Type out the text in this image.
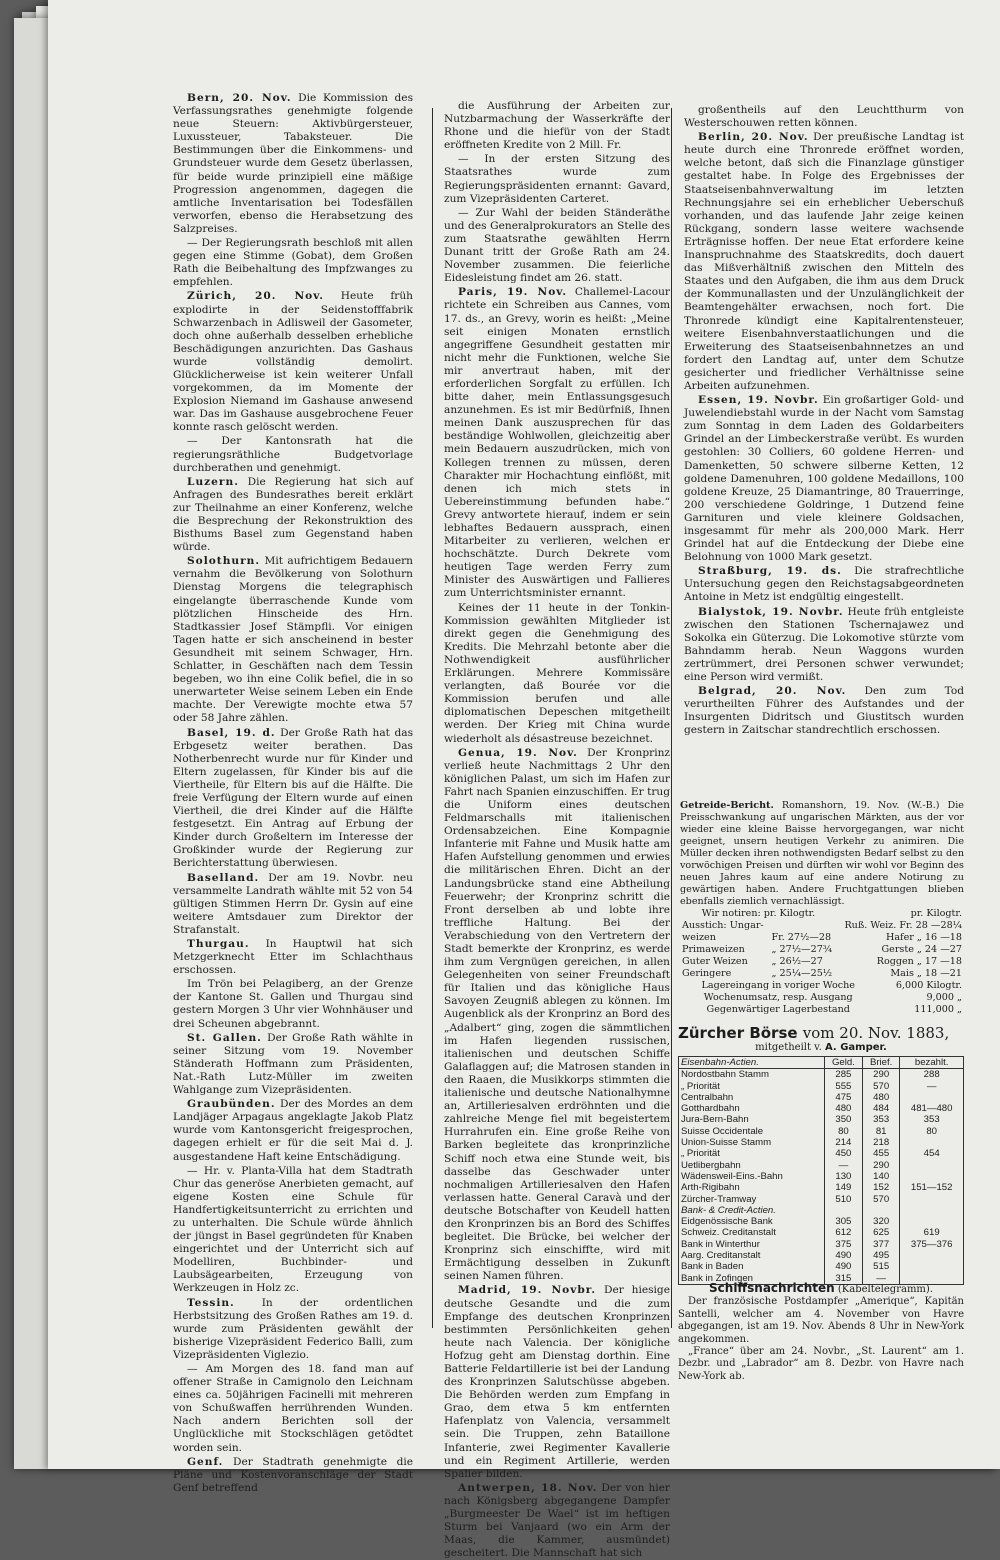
Bern, 20. Nov. Die Kommission des Verfassungsrathes genehmigte folgende neue Steuern: Aktivbürgersteuer, Luxussteuer, Tabaksteuer. Die Bestimmungen über die Einkommens- und Grundsteuer wurde dem Gesetz überlassen, für beide wurde prinzipiell eine mäßige Progression angenommen, dagegen die amtliche Inventarisation bei Todesfällen verworfen, ebenso die Herabsetzung des Salzpreises.

— Der Regierungsrath beschloß mit allen gegen eine Stimme (Gobat), dem Großen Rath die Beibehaltung des Impfzwanges zu empfehlen.

Zürich, 20. Nov. Heute früh explodirte in der Seidenstofffabrik Schwarzenbach in Adlisweil der Gasometer, doch ohne außerhalb desselben erhebliche Beschädigungen anzurichten. Das Gashaus wurde vollständig demolirt. Glücklicherweise ist kein weiterer Unfall vorgekommen, da im Momente der Explosion Niemand im Gashause anwesend war. Das im Gashause ausgebrochene Feuer konnte rasch gelöscht werden.

— Der Kantonsrath hat die regierungsräthliche Budgetvorlage durchberathen und genehmigt.

Luzern. Die Regierung hat sich auf Anfragen des Bundesrathes bereit erklärt zur Theilnahme an einer Konferenz, welche die Besprechung der Rekonstruktion des Bisthums Basel zum Gegenstand haben würde.

Solothurn. Mit aufrichtigem Bedauern vernahm die Bevölkerung von Solothurn Dienstag Morgens die telegraphisch eingelangte überraschende Kunde vom plötzlichen Hinscheide des Hrn. Stadtkassier Josef Stämpfli. Vor einigen Tagen hatte er sich anscheinend in bester Gesundheit mit seinem Schwager, Hrn. Schlatter, in Geschäften nach dem Tessin begeben, wo ihn eine Colik befiel, die in so unerwarteter Weise seinem Leben ein Ende machte. Der Verewigte mochte etwa 57 oder 58 Jahre zählen.

Basel, 19. d. Der Große Rath hat das Erbgesetz weiter berathen. Das Notherbenrecht wurde nur für Kinder und Eltern zugelassen, für Kinder bis auf die Viertheile, für Eltern bis auf die Hälfte. Die freie Verfügung der Eltern wurde auf einen Viertheil, die drei Kinder auf die Hälfte festgesetzt. Ein Antrag auf Erbung der Kinder durch Großeltern im Interesse der Großkinder wurde der Regierung zur Berichterstattung überwiesen.

Baselland. Der am 19. Novbr. neu versammelte Landrath wählte mit 52 von 54 gültigen Stimmen Herrn Dr. Gysin auf eine weitere Amtsdauer zum Direktor der Strafanstalt.

Thurgau. In Hauptwil hat sich Metzgerknecht Etter im Schlachthaus erschossen.

Im Trön bei Pelagiberg, an der Grenze der Kantone St. Gallen und Thurgau sind gestern Morgen 3 Uhr vier Wohnhäuser und drei Scheunen abgebrannt.

St. Gallen. Der Große Rath wählte in seiner Sitzung vom 19. November Ständerath Hoffmann zum Präsidenten, Nat.-Rath Lutz-Müller im zweiten Wahlgange zum Vizepräsidenten.

Graubünden. Der des Mordes an dem Landjäger Arpagaus angeklagte Jakob Platz wurde vom Kantonsgericht freigesprochen, dagegen erhielt er für die seit Mai d. J. ausgestandene Haft keine Entschädigung.

— Hr. v. Planta-Villa hat dem Stadtrath Chur das generöse Anerbieten gemacht, auf eigene Kosten eine Schule für Handfertigkeitsunterricht zu errichten und zu unterhalten. Die Schule würde ähnlich der jüngst in Basel gegründeten für Knaben eingerichtet und der Unterricht sich auf Modelliren, Buchbinder- und Laubsägearbeiten, Erzeugung von Werkzeugen in Holz zc.

Tessin.	In der ordentlichen Herbstsitzung des Großen Rathes am 19. d. wurde zum Präsidenten gewählt der bisherige Vizepräsident Federico Balli, zum Vizepräsidenten Viglezio.

— Am Morgen des 18. fand man auf offener Straße in Camignolo den Leichnam eines ca. 50jährigen Facinelli mit mehreren von Schußwaffen herrührenden Wunden. Nach andern Berichten soll der Unglückliche mit Stockschlägen getödtet worden sein.

Genf. Der Stadtrath genehmigte die Pläne und Kostenvoranschläge der Stadt Genf betreffend

die Ausführung der Arbeiten zur Nutzbarmachung der Wasserkräfte der Rhone und die hiefür von der Stadt eröffneten Kredite von 2 Mill. Fr.

— In der ersten Sitzung des Staatsrathes wurde zum Regierungspräsidenten ernannt: Gavard, zum Vizepräsidenten Carteret.

— Zur Wahl der beiden Ständeräthe und des Generalprokurators an Stelle des zum Staatsrathe gewählten Herrn Dunant tritt der Große Rath am 24. November zusammen. Die feierliche Eidesleistung findet am 26. statt.

Paris, 19. Nov. Challemel-Lacour richtete ein Schreiben aus Cannes, vom 17. ds., an Grevy, worin es heißt: „Meine seit einigen Monaten ernstlich angegriffene Gesundheit gestatten mir nicht mehr die Funktionen, welche Sie mir anvertraut haben, mit der erforderlichen Sorgfalt zu erfüllen. Ich bitte daher, mein Entlassungsgesuch anzunehmen. Es ist mir Bedürfniß, Ihnen meinen Dank auszusprechen für das beständige Wohlwollen, gleichzeitig aber mein Bedauern auszudrücken, mich von Kollegen trennen zu müssen, deren Charakter mir Hochachtung einflößt, mit denen ich mich stets in Uebereinstimmung befunden habe.“ Grevy antwortete hierauf, indem er sein lebhaftes Bedauern aussprach, einen Mitarbeiter zu verlieren, welchen er hochschätzte. Durch Dekrete vom heutigen Tage werden Ferry zum Minister des Auswärtigen und Fallieres zum Unterrichtsminister ernannt.

Keines der 11 heute in der Tonkin-Kommission gewählten Mitglieder ist direkt gegen die Genehmigung des Kredits. Die Mehrzahl betonte aber die Nothwendigkeit ausführlicher Erklärungen. Mehrere Kommissäre verlangten, daß Bourée vor die Kommission berufen und alle diplomatischen Depeschen mitgetheilt werden. Der Krieg mit China wurde wiederholt als désastreuse bezeichnet.

Genua, 19. Nov. Der Kronprinz verließ heute Nachmittags 2 Uhr den königlichen Palast, um sich im Hafen zur Fahrt nach Spanien einzuschiffen. Er trug die Uniform eines deutschen Feldmarschalls mit italienischen Ordensabzeichen. Eine Kompagnie Infanterie mit Fahne und Musik hatte am Hafen Aufstellung genommen und erwies die militärischen Ehren. Dicht an der Landungsbrücke stand eine Abtheilung Feuerwehr; der Kronprinz schritt die Front derselben ab und lobte ihre treffliche Haltung. Bei der Verabschiedung von den Vertretern der Stadt bemerkte der Kronprinz, es werde ihm zum Vergnügen gereichen, in allen Gelegenheiten von seiner Freundschaft für Italien und das königliche Haus Savoyen Zeugniß ablegen zu können. Im Augenblick als der Kronprinz an Bord des „Adalbert“ ging, zogen die sämmtlichen im Hafen liegenden russischen, italienischen und deutschen Schiffe Galaflaggen auf; die Matrosen standen in den Raaen, die Musikkorps stimmten die italienische und deutsche Nationalhymne an, Artilleriesalven erdröhnten und die zahlreiche Menge fiel mit begeistertem Hurrahrufen ein. Eine große Reihe von Barken begleitete das kronprinzliche Schiff noch etwa eine Stunde weit, bis dasselbe das Geschwader unter nochmaligen Artilleriesalven den Hafen verlassen hatte. General Caravà und der deutsche Botschafter von Keudell hatten den Kronprinzen bis an Bord des Schiffes begleitet. Die Brücke, bei welcher der Kronprinz sich einschiffte, wird mit Ermächtigung desselben in Zukunft seinen Namen führen.

Madrid, 19. Novbr. Der hiesige deutsche Gesandte und die zum Empfange des deutschen Kronprinzen bestimmten Persönlichkeiten gehen heute nach Valencia. Der königliche Hofzug geht am Dienstag dorthin. Eine Batterie Feldartillerie ist bei der Landung des Kronprinzen Salutschüsse abgeben. Die Behörden werden zum Empfang in Grao, dem etwa 5 km entfernten Hafenplatz von Valencia, versammelt sein. Die Truppen, zehn Bataillone Infanterie, zwei Regimenter Kavallerie und ein Regiment Artillerie, werden Spalier bilden.

Antwerpen, 18. Nov. Der von hier nach Königsberg abgegangene Dampfer „Burgmeester De Wael“ ist im heftigen Sturm bei Vanjaard (wo ein Arm der Maas, die Kammer, ausmündet) gescheitert. Die Mannschaft hat sich

großentheils auf den Leuchtthurm von Westerschouwen retten können.

Berlin, 20. Nov. Der preußische Landtag ist heute durch eine Thronrede eröffnet worden, welche betont, daß sich die Finanzlage günstiger gestaltet habe. In Folge des Ergebnisses der Staatseisenbahnverwaltung im letzten Rechnungsjahre sei ein erheblicher Ueberschuß vorhanden, und das laufende Jahr zeige keinen Rückgang, sondern lasse weitere wachsende Erträgnisse hoffen. Der neue Etat erfordere keine Inanspruchnahme des Staatskredits, doch dauert das Mißverhältniß zwischen den Mitteln des Staates und den Aufgaben, die ihm aus dem Druck der Kommunallasten und der Unzulänglichkeit der Beamtengehälter erwachsen, noch fort. Die Thronrede kündigt eine Kapitalrentensteuer, weitere Eisenbahnverstaatlichungen und die Erweiterung des Staatseisenbahnnetzes an und fordert den Landtag auf, unter dem Schutze gesicherter und friedlicher Verhältnisse seine Arbeiten aufzunehmen.

Essen, 19. Novbr. Ein großartiger Gold- und Juwelendiebstahl wurde in der Nacht vom Samstag zum Sonntag in dem Laden des Goldarbeiters Grindel an der Limbeckerstraße verübt. Es wurden gestohlen: 30 Colliers, 60 goldene Herren- und Damenketten, 50 schwere silberne Ketten, 12 goldene Damenuhren, 100 goldene Medaillons, 100 goldene Kreuze, 25 Diamantringe, 80 Trauerringe, 200 verschiedene Goldringe, 1 Dutzend feine Garnituren und viele kleinere Goldsachen, insgesammt für mehr als 200,000 Mark. Herr Grindel hat auf die Entdeckung der Diebe eine Belohnung von 1000 Mark gesetzt.

Straßburg, 19. ds. Die strafrechtliche Untersuchung gegen den Reichstagsabgeordneten Antoine in Metz ist endgültig eingestellt.

Bialystok, 19. Novbr. Heute früh entgleiste zwischen den Stationen Tschernajawez und Sokolka ein Güterzug. Die Lokomotive stürzte vom Bahndamm herab. Neun Waggons wurden zertrümmert, drei Personen schwer verwundet; eine Person wird vermißt.

Belgrad, 20. Nov. Den zum Tod verurtheilten Führer des Aufstandes und der Insurgenten Didritsch und Giustitsch wurden gestern in Zaitschar standrechtlich erschossen.

Getreide-Bericht. Romanshorn, 19. Nov. (W.-B.) Die Preisschwankung auf ungarischen Märkten, aus der vor wieder eine kleine Baisse hervorgegangen, war nicht geeignet, unsern heutigen Verkehr zu animiren. Die Müller decken ihren nothwendigsten Bedarf selbst zu den vorwöchigen Preisen und dürften wir wohl vor Beginn des neuen Jahres kaum auf eine andere Notirung zu gewärtigen haben. Andere Fruchtgattungen blieben ebenfalls ziemlich vernachlässigt.
Wir notiren: pr. Kilogtr.		pr. Kilogtr.
Ausstich: Ungar-		Ruß. Weiz. Fr. 28 —28¼
weizen	Fr. 27½—28	Hafer „ 16 —18
Primaweizen	„ 27½—27¾	Gerste „ 24 —27
Guter Weizen	„ 26½—27	Roggen „ 17 —18
Geringere	„ 25¼—25½	Mais „ 18 —21
Lagereingang in voriger Woche	6,000 Kilogtr.
Wochenumsatz, resp. Ausgang	9,000 „
Gegenwärtiger Lagerbestand	111,000 „
Zürcher Börse vom 20. Nov. 1883,
mitgetheilt v. A. Gamper.
Eisenbahn-Actien.	Geld.	Brief.	bezahlt.
Nordostbahn Stamm	285	290	288
„ Priorität	555	570	—
Centralbahn	475	480	
Gotthardbahn	480	484	481—480
Jura-Bern-Bahn	350	353	353
Suisse Occidentale	80	81	80
Union-Suisse Stamm	214	218	
„ Priorität	450	455	454
Uetlibergbahn	—	290	
Wädensweil-Eins.-Bahn	130	140	
Arth-Rigibahn	149	152	151—152
Zürcher-Tramway	510	570	
Bank- & Credit-Actien.			
Eidgenössische Bank	305	320	
Schweiz. Creditanstalt	612	625	619
Bank in Winterthur	375	377	375—376
Aarg. Creditanstalt	490	495	
Bank in Baden	490	515	
Bank in Zofingen	315	—	
Schiffsnachrichten (Kabeltelegramm).

Der französische Postdampfer „Amerique“, Kapitän Santelli, welcher am 4. November von Havre abgegangen, ist am 19. Nov. Abends 8 Uhr in New-York angekommen.

„France“ über am 24. Novbr., „St. Laurent“ am 1. Dezbr. und „Labrador“ am 8. Dezbr. von Havre nach New-York ab.
